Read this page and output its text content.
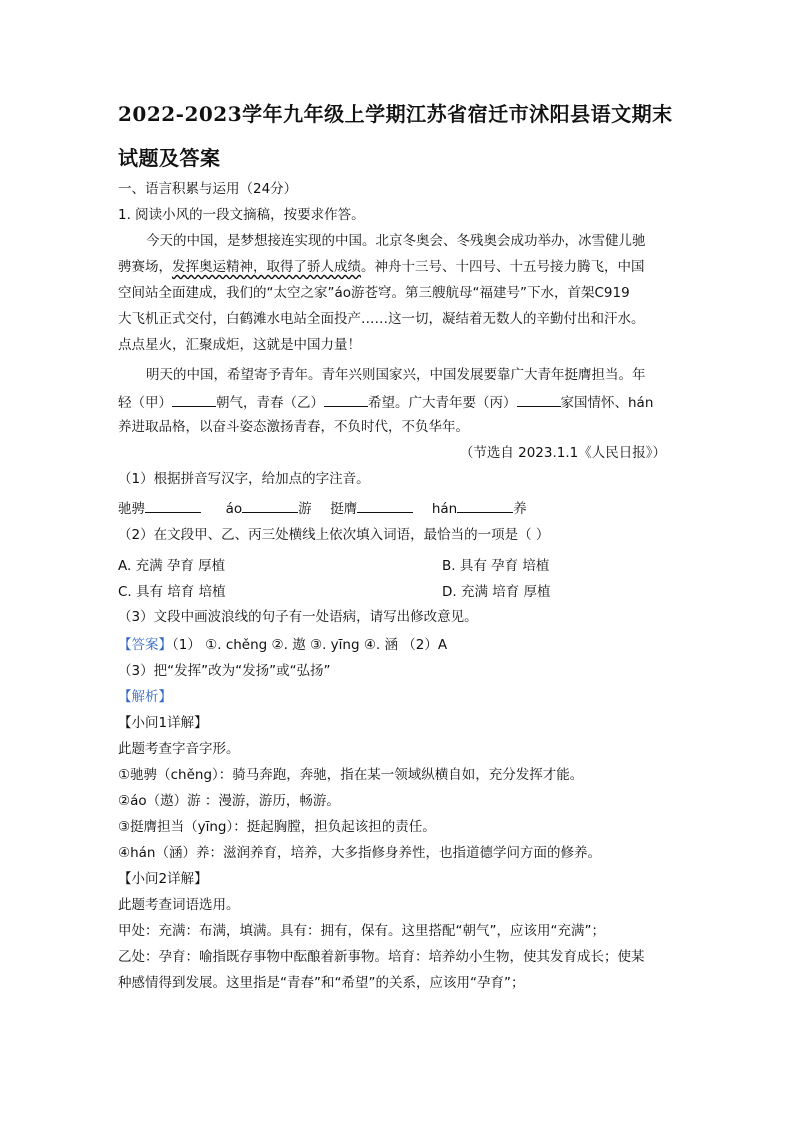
2022-2023学年九年级上学期江苏省宿迁市沭阳县语文期末
试题及答案
一、语言积累与运用（24分）
1. 阅读小风的一段文摘稿，按要求作答。
今天的中国，是梦想接连实现的中国。北京冬奥会、冬残奥会成功举办，冰雪健儿驰
骋赛场，发挥奥运精神，取得了骄人成绩。神舟十三号、十四号、十五号接力腾飞，中国
空间站全面建成，我们的“太空之家”áo游苍穹。第三艘航母“福建号”下水，首架C919
大飞机正式交付，白鹤滩水电站全面投产……这一切，凝结着无数人的辛勤付出和汗水。
点点星火，汇聚成炬，这就是中国力量！
明天的中国，希望寄予青年。青年兴则国家兴，中国发展要靠广大青年挺膺担当。年
轻（甲）	朝气，青春（乙）	希望。广大青年要（丙）	家国情怀、hán
养进取品格，以奋斗姿态激扬青春，不负时代，不负华年。
（节选自 2023.1.1《人民日报》）
（1）根据拼音写汉字，给加点的字注音。
驰骋	áo	游 挺膺	hán	养
（2）在文段甲、乙、丙三处横线上依次填入词语，最恰当的一项是（ ）
A. 充满 孕育 厚植	B. 具有 孕育 培植
C. 具有 培育 培植	D. 充满 培育 厚植
（3）文段中画波浪线的句子有一处语病，请写出修改意见。
【答案】（1） ①. chěng ②. 遨 ③. yīng ④. 涵 （2）A
（3）把“发挥”改为“发扬”或“弘扬”
【解析】
【小问1详解】
此题考查字音字形。
①驰骋（chěng）：骑马奔跑，奔驰，指在某一领域纵横自如，充分发挥才能。
②áo（遨）游 ：漫游，游历，畅游。
③挺膺担当（yīng）：挺起胸膛，担负起该担的责任。
④hán（涵）养：滋润养育，培养，大多指修身养性，也指道德学问方面的修养。
【小问2详解】
此题考查词语选用。
甲处：充满：布满，填满。具有：拥有，保有。这里搭配“朝气”，应该用“充满”；
乙处：孕育：喻指既存事物中酝酿着新事物。培育：培养幼小生物，使其发育成长；使某
种感情得到发展。这里指是“青春”和“希望”的关系，应该用“孕育”；
